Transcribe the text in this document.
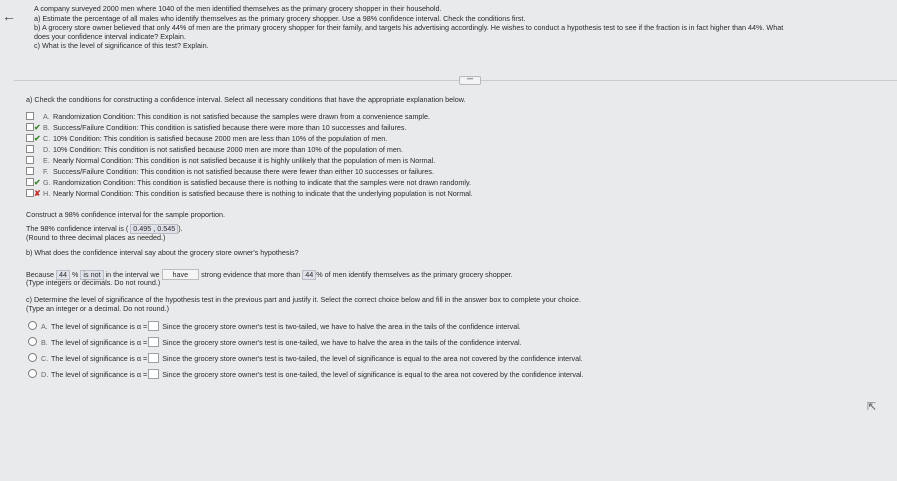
←	A company surveyed 2000 men where 1040 of the men identified themselves as the primary grocery shopper in their household.
a) Estimate the percentage of all males who identify themselves as the primary grocery shopper. Use a 98% confidence interval. Check the conditions first.
b) A grocery store owner believed that only 44% of men are the primary grocery shopper for their family, and targets his advertising accordingly. He wishes to conduct a hypothesis test to see if the fraction is in fact higher than 44%. What
does your confidence interval indicate? Explain.
c) What is the level of significance of this test? Explain.
•••
a) Check the conditions for constructing a confidence interval. Select all necessary conditions that have the appropriate explanation below.
A. Randomization Condition: This condition is not satisfied because the samples were drawn from a convenience sample.
✔ B. Success/Failure Condition: This condition is satisfied because there were more than 10 successes and failures.
✔ C. 10% Condition: This condition is satisfied because 2000 men are less than 10% of the population of men.
D. 10% Condition: This condition is not satisfied because 2000 men are more than 10% of the population of men.
E. Nearly Normal Condition: This condition is not satisfied because it is highly unlikely that the population of men is Normal.
F. Success/Failure Condition: This condition is not satisfied because there were fewer than either 10 successes or failures.
✔ G. Randomization Condition: This condition is satisfied because there is nothing to indicate that the samples were not drawn randomly.
✘ H. Nearly Normal Condition: This condition is satisfied because there is nothing to indicate that the underlying population is not Normal.
Construct a 98% confidence interval for the sample proportion.
The 98% confidence interval is ( 0.495 , 0.545 ).
(Round to three decimal places as needed.)
b) What does the confidence interval say about the grocery store owner's hypothesis?
Because 44 % is not in the interval we have strong evidence that more than 44 % of men identify themselves as the primary grocery shopper.
(Type integers or decimals. Do not round.)
c) Determine the level of significance of the hypothesis test in the previous part and justify it. Select the correct choice below and fill in the answer box to complete your choice.
(Type an integer or a decimal. Do not round.)
A. The level of significance is α = Since the grocery store owner's test is two-tailed, we have to halve the area in the tails of the confidence interval.
B. The level of significance is α = Since the grocery store owner's test is one-tailed, we have to halve the area in the tails of the confidence interval.
C. The level of significance is α = Since the grocery store owner's test is two-tailed, the level of significance is equal to the area not covered by the confidence interval.
D. The level of significance is α = Since the grocery store owner's test is one-tailed, the level of significance is equal to the area not covered by the confidence interval.
⇱
